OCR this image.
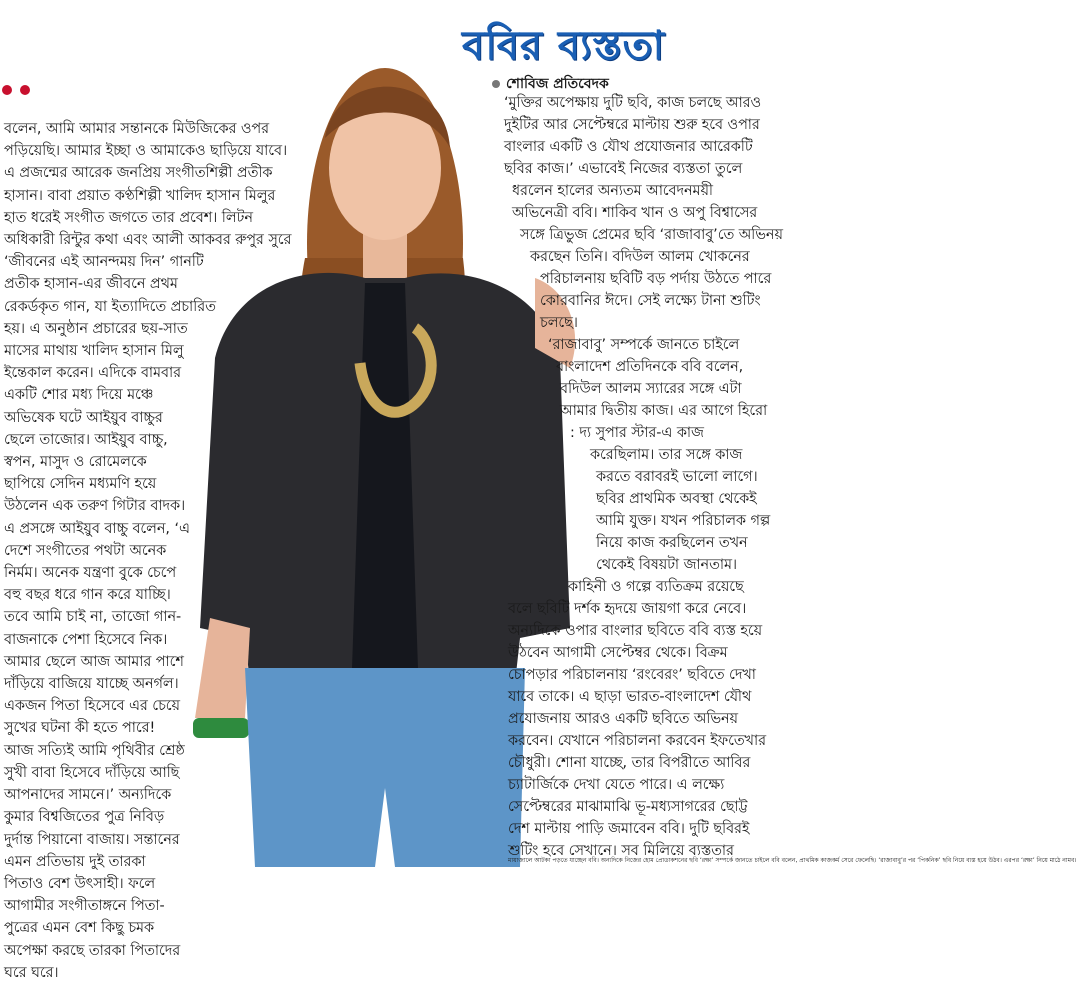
বলেন, আমি আমার সন্তানকে মিউজিকের ওপর

পড়িয়েছি। আমার ইচ্ছা ও আমাকেও ছাড়িয়ে যাবে।

এ প্রজন্মের আরেক জনপ্রিয় সংগীতশিল্পী প্রতীক

হাসান। বাবা প্রয়াত কণ্ঠশিল্পী খালিদ হাসান মিলুর

হাত ধরেই সংগীত জগতে তার প্রবেশ। লিটন

অধিকারী রিন্টুর কথা এবং আলী আকবর রুপুর সুরে

‘জীবনের এই আনন্দময় দিন’ গানটি

প্রতীক হাসান-এর জীবনে প্রথম

রেকর্ডকৃত গান, যা ইত্যাদিতে প্রচারিত

হয়। এ অনুষ্ঠান প্রচারের ছয়-সাত

মাসের মাথায় খালিদ হাসান মিলু

ইন্তেকাল করেন। এদিকে বামবার

একটি শোর মধ্য দিয়ে মঞ্চে

অভিষেক ঘটে আইয়ুব বাচ্চুর

ছেলে তাজোর। আইয়ুব বাচ্চু,

স্বপন, মাসুদ ও রোমেলকে

ছাপিয়ে সেদিন মধ্যমণি হয়ে

উঠলেন এক তরুণ গিটার বাদক।

এ প্রসঙ্গে আইয়ুব বাচ্চু বলেন, ‘এ

দেশে সংগীতের পথটা অনেক

নির্মম। অনেক যন্ত্রণা বুকে চেপে

বহু বছর ধরে গান করে যাচ্ছি।

তবে আমি চাই না, তাজো গান-

বাজনাকে পেশা হিসেবে নিক।

আমার ছেলে আজ আমার পাশে

দাঁড়িয়ে বাজিয়ে যাচ্ছে অনর্গল।

একজন পিতা হিসেবে এর চেয়ে

সুখের ঘটনা কী হতে পারে!

আজ সত্যিই আমি পৃথিবীর শ্রেষ্ঠ

সুখী বাবা হিসেবে দাঁড়িয়ে আছি

আপনাদের সামনে।’ অন্যদিকে

কুমার বিশ্বজিতের পুত্র নিবিড়

দুর্দান্ত পিয়ানো বাজায়। সন্তানের

এমন প্রতিভায় দুই তারকা

পিতাও বেশ উৎসাহী। ফলে

আগামীর সংগীতাঙ্গনে পিতা-

পুত্রের এমন বেশ কিছু চমক

অপেক্ষা করছে তারকা পিতাদের

ঘরে ঘরে।

ববির ব্যস্ততা
শোবিজ প্রতিবেদক
‘মুক্তির অপেক্ষায় দুটি ছবি, কাজ চলছে আরও
দুইটির আর সেপ্টেম্বরে মাল্টায় শুরু হবে ওপার
বাংলার একটি ও যৌথ প্রযোজনার আরেকটি
ছবির কাজ।’ এভাবেই নিজের ব্যস্ততা তুলে
ধরলেন হালের অন্যতম আবেদনময়ী
অভিনেত্রী ববি। শাকিব খান ও অপু বিশ্বাসের
সঙ্গে ত্রিভুজ প্রেমের ছবি ‘রাজাবাবু’তে অভিনয়
করছেন তিনি। বদিউল আলম খোকনের
পরিচালনায় ছবিটি বড় পর্দায় উঠতে পারে
কোরবানির ঈদে। সেই লক্ষ্যে টানা শুটিং
চলছে।
‘রাজাবাবু’ সম্পর্কে জানতে চাইলে
বাংলাদেশ প্রতিদিনকে ববি বলেন,
বদিউল আলম স্যারের সঙ্গে এটা
আমার দ্বিতীয় কাজ। এর আগে হিরো
: দ্য সুপার স্টার-এ কাজ
করেছিলাম। তার সঙ্গে কাজ
করতে বরাবরই ভালো লাগে।
ছবির প্রাথমিক অবস্থা থেকেই
আমি যুক্ত। যখন পরিচালক গল্প
নিয়ে কাজ করছিলেন তখন
থেকেই বিষয়টা জানতাম।
কাহিনী ও গল্পে ব্যতিক্রম রয়েছে
বলে ছবিটি দর্শক হৃদয়ে জায়গা করে নেবে।
অন্যদিকে ওপার বাংলার ছবিতে ববি ব্যস্ত হয়ে
উঠবেন আগামী সেপ্টেম্বর থেকে। বিক্রম
চোপড়ার পরিচালনায় ‘রংবেরং’ ছবিতে দেখা
যাবে তাকে। এ ছাড়া ভারত-বাংলাদেশ যৌথ
প্রযোজনায় আরও একটি ছবিতে অভিনয়
করবেন। যেখানে পরিচালনা করবেন ইফতেখার
চৌধুরী। শোনা যাচ্ছে, তার বিপরীতে আবির
চ্যাটার্জিকে দেখা যেতে পারে। এ লক্ষ্যে
সেপ্টেম্বরের মাঝামাঝি ভূ-মধ্যসাগরের ছোট্ট
দেশ মাল্টায় পাড়ি জমাবেন ববি। দুটি ছবিরই
শুটিং হবে সেখানে। সব মিলিয়ে ব্যস্ততার
মায়াজালে আটকা পড়তে যাচ্ছেন ববি। অন্যদিকে নিজের হোম প্রোডাকশনের ছবি ‘রক্ষা’ সম্পর্কে জানতে চাইলে ববি বলেন, প্রাথমিক কাজকর্ম সেরে ফেলেছি। ‘রাজাবাবু’র পর ‘পিকনিক’ ছবি নিয়ে ব্যস্ত হয়ে উঠব। এরপর ‘রক্ষা’ নিয়ে মাঠে নামব।
